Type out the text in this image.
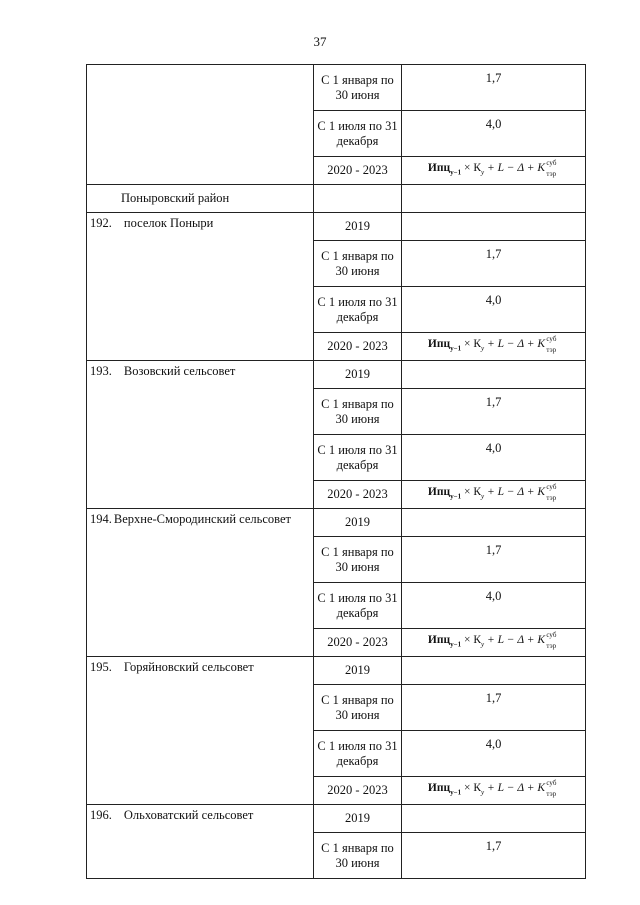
37
	С 1 января по 30 июня	1,7
	С 1 июля по 31 декабря	4,0
	2020 - 2023	$Ипц_{y-1} \times К_y + L - \Delta + K$ суб
тэр

Поныровский район		
192. поселок Поныри	2019	
	С 1 января по 30 июня	1,7
	С 1 июля по 31 декабря	4,0
	2020 - 2023	$Ипц_{y-1} \times К_y + L - \Delta + K$ суб
тэр

193. Возовский сельсовет	2019	
	С 1 января по 30 июня	1,7
	С 1 июля по 31 декабря	4,0
	2020 - 2023	$Ипц_{y-1} \times К_y + L - \Delta + K$ суб
тэр

194. Верхне-Смородинский сельсовет	2019	
	С 1 января по 30 июня	1,7
	С 1 июля по 31 декабря	4,0
	2020 - 2023	$Ипц_{y-1} \times К_y + L - \Delta + K$ суб
тэр

195. Горяйновский сельсовет	2019	
	С 1 января по 30 июня	1,7
	С 1 июля по 31 декабря	4,0
	2020 - 2023	$Ипц_{y-1} \times К_y + L - \Delta + K$ суб
тэр

196. Ольховатский сельсовет	2019	
	С 1 января по 30 июня	1,7
